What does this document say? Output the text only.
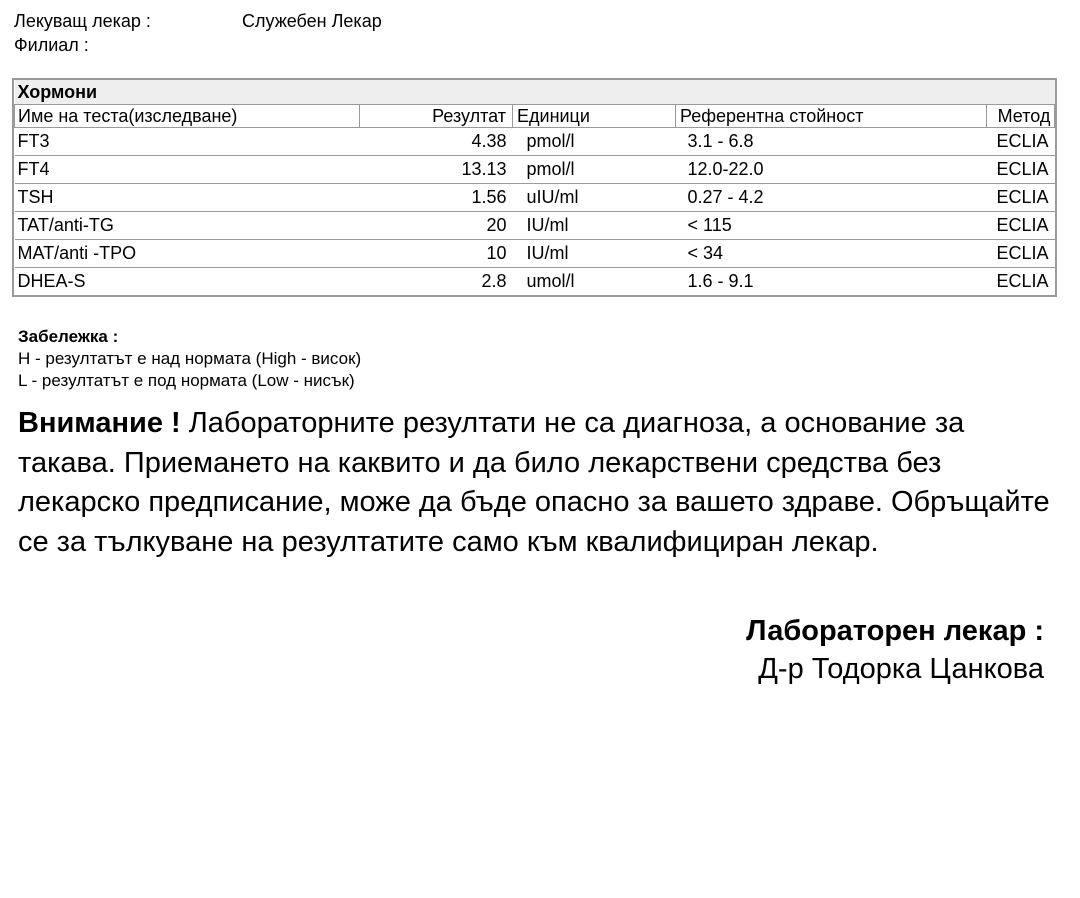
Лекуващ лекар :	Служебен Лекар
Филиал :
Хормони				
Име на теста(изследване)	Резултат	Единици	Референтна стойност	Метод
FT3	4.38	pmol/l	3.1 - 6.8	ECLIA
FT4	13.13	pmol/l	12.0-22.0	ECLIA
TSH	1.56	uIU/ml	0.27 - 4.2	ECLIA
TAT/anti-TG	20	IU/ml	< 115	ECLIA
MAT/anti -TPO	10	IU/ml	< 34	ECLIA
DHEA-S	2.8	umol/l	1.6 - 9.1	ECLIA
Забележка :
H - резултатът е над нормата (High - висок)
L - резултатът е под нормата (Low - нисък)
Внимание ! Лабораторните резултати не са диагноза, а основание за такава. Приемането на каквито и да било лекарствени средства без лекарско предписание, може да бъде опасно за вашето здраве. Обръщайте се за тълкуване на резултатите само към квалифициран лекар.
Лабораторен лекар :
Д-р Тодорка Цанкова
